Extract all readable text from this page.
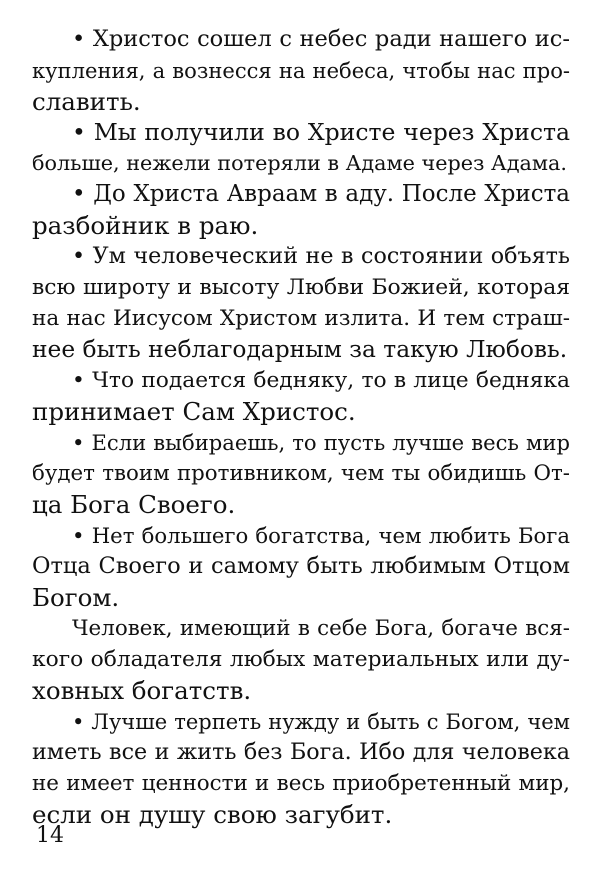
• Христос сошел с небес ради нашего ис-
купления, а вознесся на небеса, чтобы нас про-
славить.
• Мы получили во Христе через Христа
больше, нежели потеряли в Адаме через Адама.
• До Христа Авраам в аду. После Христа
разбойник в раю.
• Ум человеческий не в состоянии объять
всю широту и высоту Любви Божией, которая
на нас Иисусом Христом излита. И тем страш-
нее быть неблагодарным за такую Любовь.
• Что подается бедняку, то в лице бедняка
принимает Сам Христос.
• Если выбираешь, то пусть лучше весь мир
будет твоим противником, чем ты обидишь От-
ца Бога Своего.
• Нет большего богатства, чем любить Бога
Отца Своего и самому быть любимым Отцом
Богом.
Человек, имеющий в себе Бога, богаче вся-
кого обладателя любых материальных или ду-
ховных богатств.
• Лучше терпеть нужду и быть с Богом, чем
иметь все и жить без Бога. Ибо для человека
не имеет ценности и весь приобретенный мир,
если он душу свою загубит.
14
